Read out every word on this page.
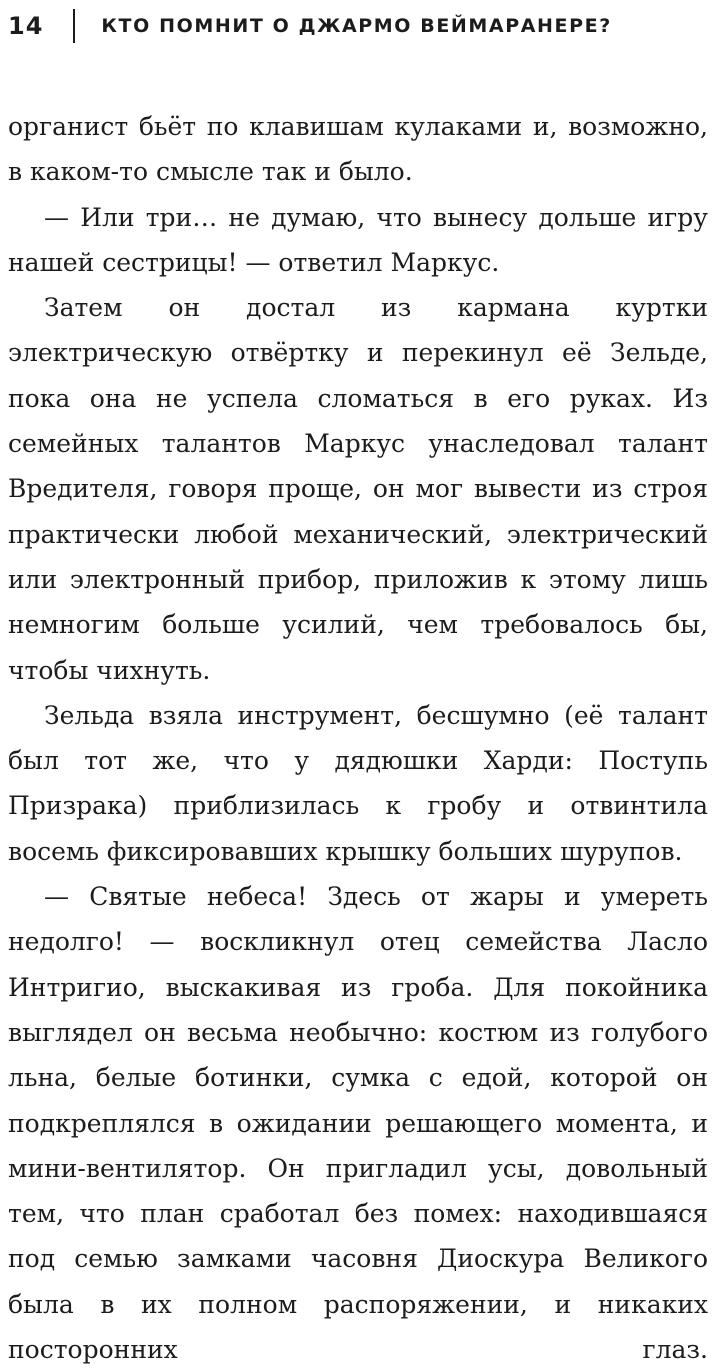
14	КТО ПОМНИТ О ДЖАРМО ВЕЙМАРАНЕРЕ?

органист бьёт по клавишам кулаками и, возможно, в каком-то смысле так и было.

— Или три… не думаю, что вынесу дольше игру нашей сестрицы! — ответил Маркус.

Затем он достал из кармана куртки электрическую отвёртку и перекинул её Зельде, пока она не успела сломаться в его руках. Из семейных талантов Маркус унаследовал талант Вредителя, говоря проще, он мог вывести из строя практически любой механический, электрический или электронный прибор, приложив к этому лишь немногим больше усилий, чем требовалось бы, чтобы чихнуть.

Зельда взяла инструмент, бесшумно (её талант был тот же, что у дядюшки Харди: Поступь Призрака) приблизилась к гробу и отвинтила восемь фиксировавших крышку больших шурупов.

— Святые небеса! Здесь от жары и умереть недолго! — воскликнул отец семейства Ласло Интригио, выскакивая из гроба. Для покойника выглядел он весьма необычно: костюм из голубого льна, белые ботинки, сумка с едой, которой он подкреплялся в ожидании решающего момента, и мини-вентилятор. Он пригладил усы, довольный тем, что план сработал без помех: находившаяся под семью замками часовня Диоскура Великого была в их полном распоряжении, и никаких посторонних глаз.
